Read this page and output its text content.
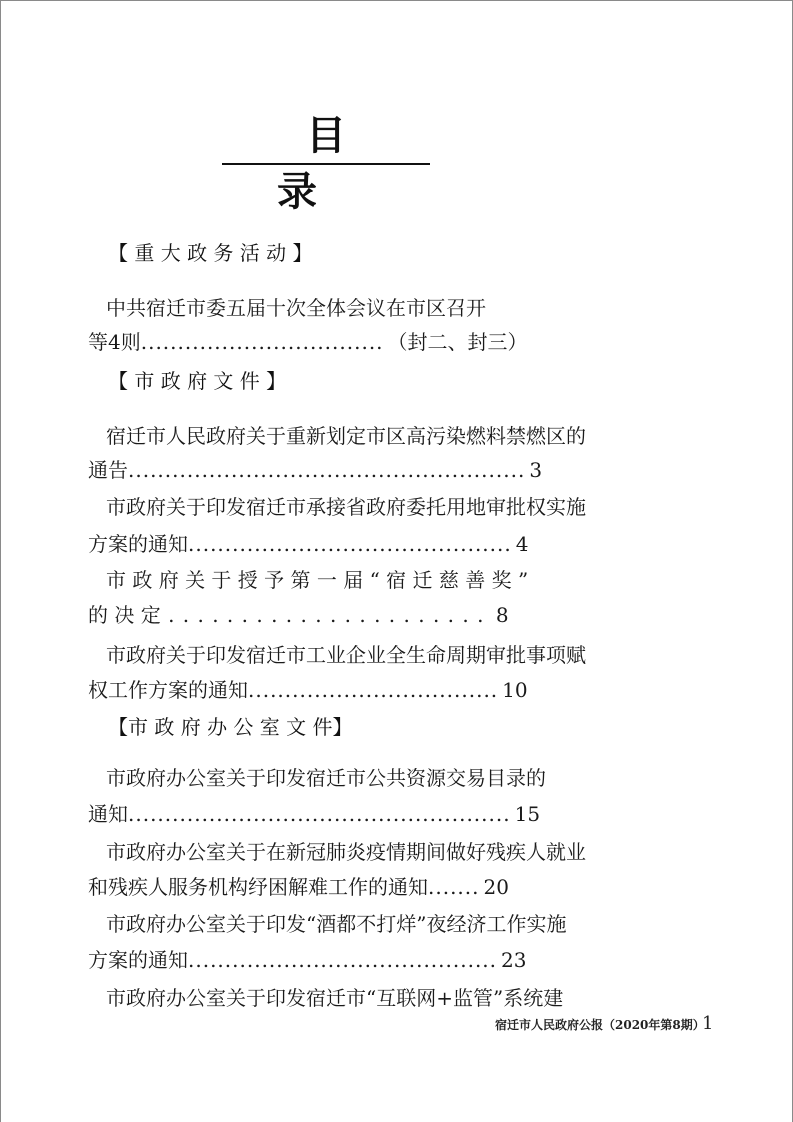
目 录
【 重 大 政 务 活 动 】
中共宿迁市委五届十次全体会议在市区召开
等4则................................. （封二、封三）
【 市 政 府 文 件 】
宿迁市人民政府关于重新划定市区高污染燃料禁燃区的
通告...................................................... 3
市政府关于印发宿迁市承接省政府委托用地审批权实施
方案的通知............................................ 4
市 政 府 关 于 授 予 第 一 届 “ 宿 迁 慈 善 奖 ”
的 决 定 . . . . . . . . . . . . . . . . . . . . . . 8
市政府关于印发宿迁市工业企业全生命周期审批事项赋
权工作方案的通知.................................. 10
【市 政 府 办 公 室 文 件】
市政府办公室关于印发宿迁市公共资源交易目录的
通知.................................................... 15
市政府办公室关于在新冠肺炎疫情期间做好残疾人就业
和残疾人服务机构纾困解难工作的通知....... 20
市政府办公室关于印发“酒都不打烊”夜经济工作实施
方案的通知.......................................... 23
市政府办公室关于印发宿迁市“互联网+监管”系统建
宿迁市人民政府公报（2020年第8期）
1
